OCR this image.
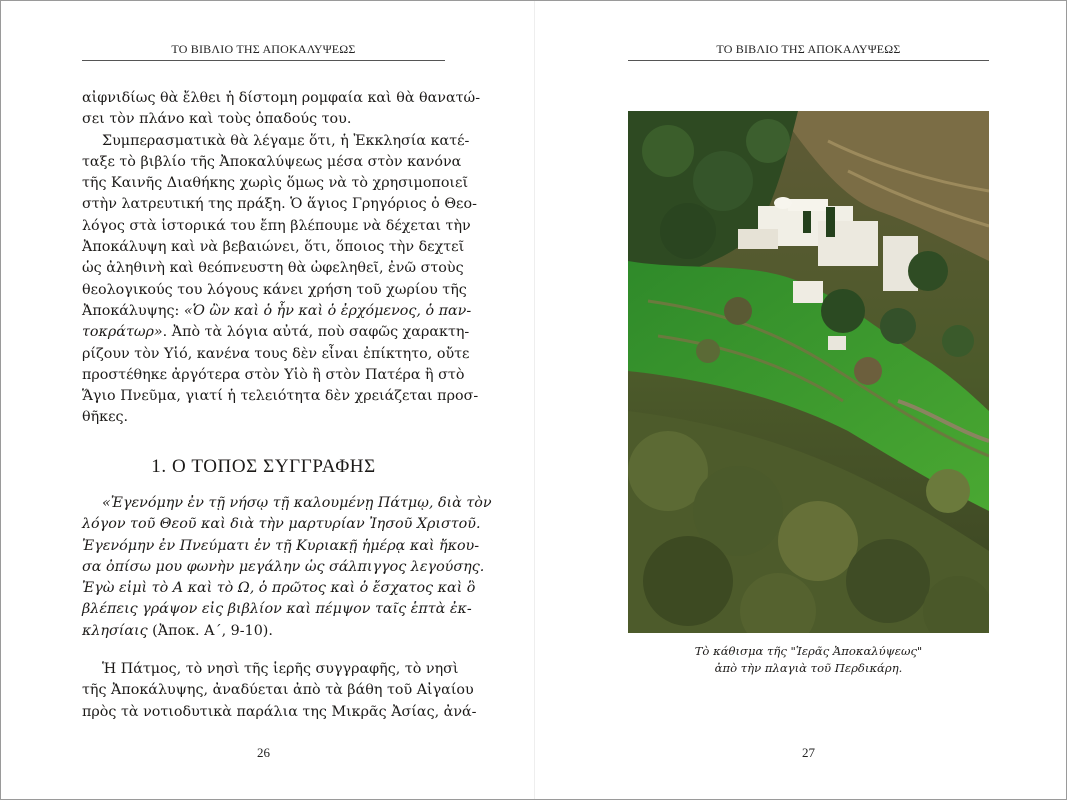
ΤΟ ΒΙΒΛΙΟ ΤΗΣ ΑΠΟΚΑΛΥΨΕΩΣ

αἰφνιδίως θὰ ἔλθει ἡ δίστομη ρομφαία καὶ θὰ θανατώ-
σει τὸν πλάνο καὶ τοὺς ὀπαδούς του.

Συμπερασματικὰ θὰ λέγαμε ὅτι, ἡ Ἐκκλησία κατέ-
ταξε τὸ βιβλίο τῆς Ἀποκαλύψεως μέσα στὸν κανόνα
τῆς Καινῆς Διαθήκης χωρὶς ὅμως νὰ τὸ χρησιμοποιεῖ
στὴν λατρευτική της πράξη. Ὁ ἅγιος Γρηγόριος ὁ Θεο-
λόγος στὰ ἱστορικά του ἔπη βλέπουμε νὰ δέχεται τὴν
Ἀποκάλυψη καὶ νὰ βεβαιώνει, ὅτι, ὅποιος τὴν δεχτεῖ
ὡς ἀληθινὴ καὶ θεόπνευστη θὰ ὠφεληθεῖ, ἐνῶ στοὺς
θεολογικούς του λόγους κάνει χρήση τοῦ χωρίου τῆς
Ἀποκάλυψης: «Ὁ ὢν καὶ ὁ ἦν καὶ ὁ ἐρχόμενος, ὁ παν-
τοκράτωρ». Ἀπὸ τὰ λόγια αὐτά, ποὺ σαφῶς χαρακτη-
ρίζουν τὸν Υἱό, κανένα τους δὲν εἶναι ἐπίκτητο, οὔτε
προστέθηκε ἀργότερα στὸν Υἱὸ ἢ στὸν Πατέρα ἢ στὸ
Ἅγιο Πνεῦμα, γιατί ἡ τελειότητα δὲν χρειάζεται προσ-
θῆκες.

1. Ο ΤΟΠΟΣ ΣΥΓΓΡΑΦΗΣ

«Ἐγενόμην ἐν τῇ νήσῳ τῇ καλουμένῃ Πάτμῳ, διὰ τὸν
λόγον τοῦ Θεοῦ καὶ διὰ τὴν μαρτυρίαν Ἰησοῦ Χριστοῦ.
Ἐγενόμην ἐν Πνεύματι ἐν τῇ Κυριακῇ ἡμέρᾳ καὶ ἤκου-
σα ὀπίσω μου φωνὴν μεγάλην ὡς σάλπιγγος λεγούσης.
Ἐγὼ εἰμὶ τὸ Α καὶ τὸ Ω, ὁ πρῶτος καὶ ὁ ἔσχατος καὶ ὃ
βλέπεις γράψον εἰς βιβλίον καὶ πέμψον ταῖς ἑπτὰ ἐκ-
κλησίαις (Ἀποκ. Α΄, 9-10).

Ἡ Πάτμος, τὸ νησὶ τῆς ἱερῆς συγγραφῆς, τὸ νησὶ
τῆς Ἀποκάλυψης, ἀναδύεται ἀπὸ τὰ βάθη τοῦ Αἰγαίου
πρὸς τὰ νοτιοδυτικὰ παράλια της Μικρᾶς Ἀσίας, ἀνά-

26
ΤΟ ΒΙΒΛΙΟ ΤΗΣ ΑΠΟΚΑΛΥΨΕΩΣ
Τὸ κάθισμα τῆς "Ἱερᾶς Ἀποκαλύψεως"
ἀπὸ τὴν πλαγιὰ τοῦ Περδικάρη.
27
